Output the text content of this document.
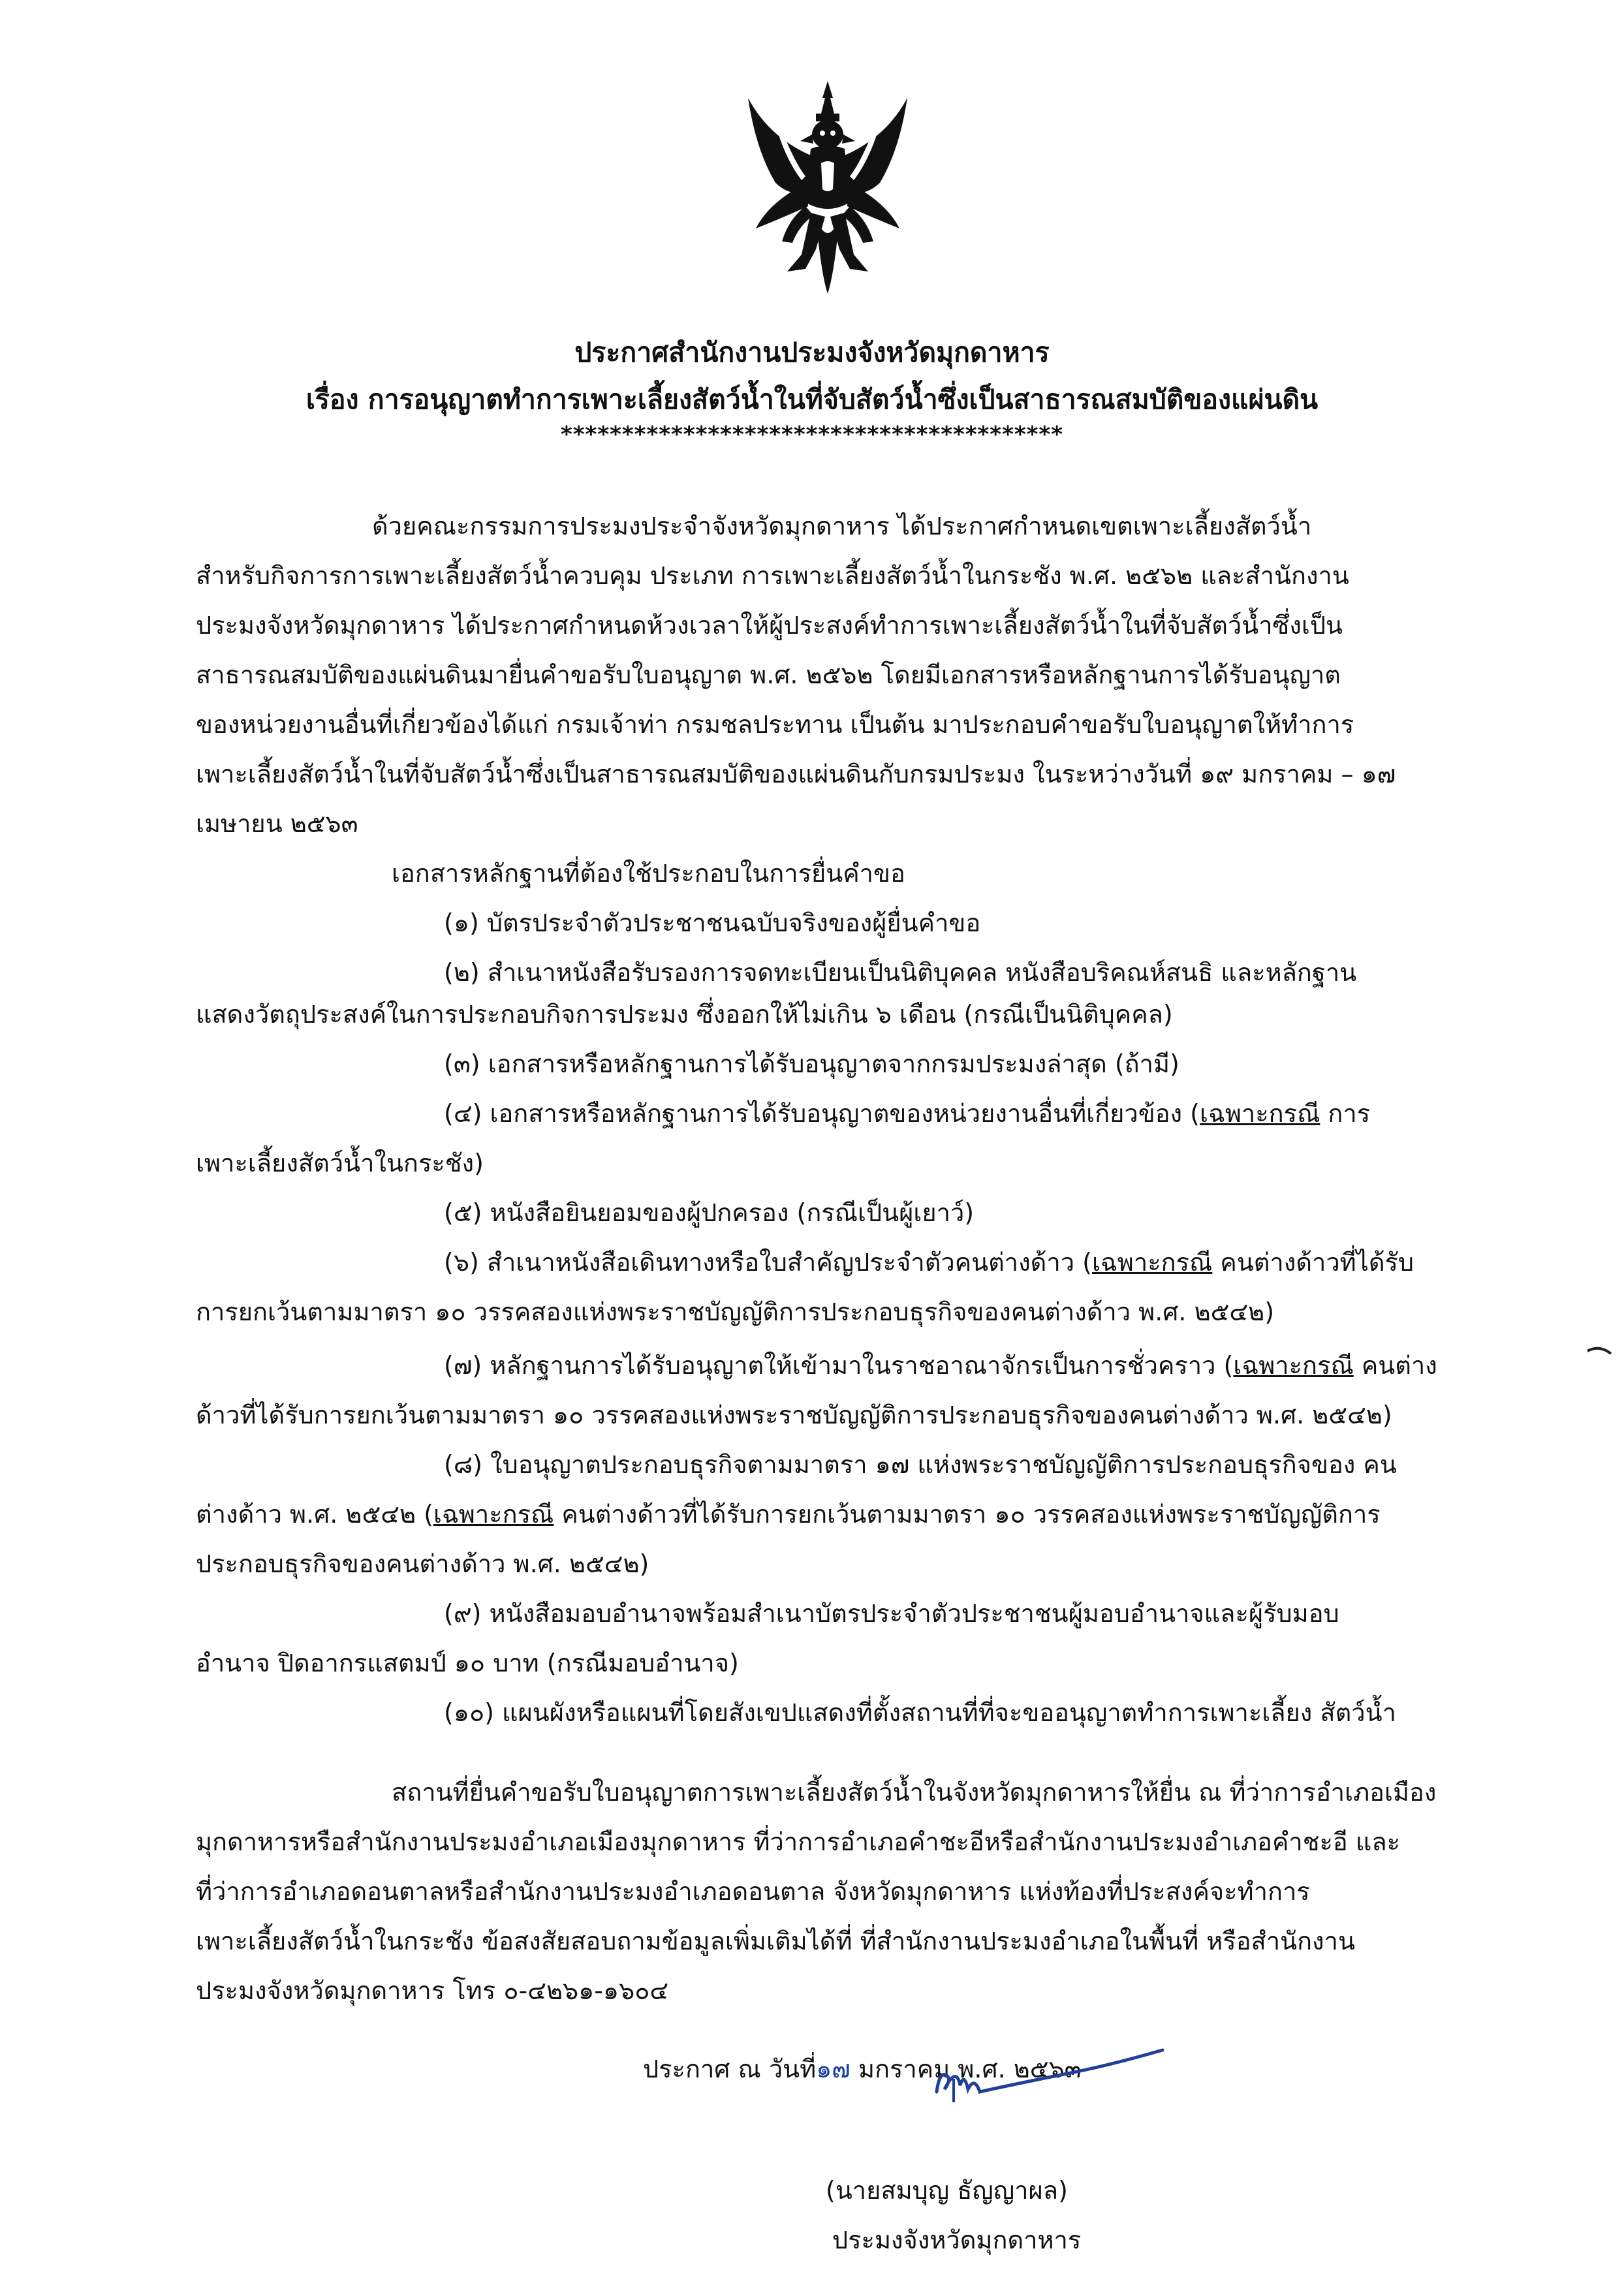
ประกาศสำนักงานประมงจังหวัดมุกดาหาร
เรื่อง การอนุญาตทำการเพาะเลี้ยงสัตว์น้ำในที่จับสัตว์น้ำซึ่งเป็นสาธารณสมบัติของแผ่นดิน
*****************************************
ด้วยคณะกรรมการประมงประจำจังหวัดมุกดาหาร ได้ประกาศกำหนดเขตเพาะเลี้ยงสัตว์น้ำ
สำหรับกิจการการเพาะเลี้ยงสัตว์น้ำควบคุม ประเภท การเพาะเลี้ยงสัตว์น้ำในกระชัง พ.ศ. ๒๕๖๒ และสำนักงาน
ประมงจังหวัดมุกดาหาร ได้ประกาศกำหนดห้วงเวลาให้ผู้ประสงค์ทำการเพาะเลี้ยงสัตว์น้ำในที่จับสัตว์น้ำซึ่งเป็น
สาธารณสมบัติของแผ่นดินมายื่นคำขอรับใบอนุญาต พ.ศ. ๒๕๖๒ โดยมีเอกสารหรือหลักฐานการได้รับอนุญาต
ของหน่วยงานอื่นที่เกี่ยวข้องได้แก่ กรมเจ้าท่า กรมชลประทาน เป็นต้น มาประกอบคำขอรับใบอนุญาตให้ทำการ
เพาะเลี้ยงสัตว์น้ำในที่จับสัตว์น้ำซึ่งเป็นสาธารณสมบัติของแผ่นดินกับกรมประมง ในระหว่างวันที่ ๑๙ มกราคม – ๑๗
เมษายน ๒๕๖๓
เอกสารหลักฐานที่ต้องใช้ประกอบในการยื่นคำขอ
(๑) บัตรประจำตัวประชาชนฉบับจริงของผู้ยื่นคำขอ
(๒) สำเนาหนังสือรับรองการจดทะเบียนเป็นนิติบุคคล หนังสือบริคณห์สนธิ และหลักฐาน
แสดงวัตถุประสงค์ในการประกอบกิจการประมง ซึ่งออกให้ไม่เกิน ๖ เดือน (กรณีเป็นนิติบุคคล)
(๓) เอกสารหรือหลักฐานการได้รับอนุญาตจากกรมประมงล่าสุด (ถ้ามี)
(๔) เอกสารหรือหลักฐานการได้รับอนุญาตของหน่วยงานอื่นที่เกี่ยวข้อง (เฉพาะกรณี การ
เพาะเลี้ยงสัตว์น้ำในกระชัง)
(๕) หนังสือยินยอมของผู้ปกครอง (กรณีเป็นผู้เยาว์)
(๖) สำเนาหนังสือเดินทางหรือใบสำคัญประจำตัวคนต่างด้าว (เฉพาะกรณี คนต่างด้าวที่ได้รับ
การยกเว้นตามมาตรา ๑๐ วรรคสองแห่งพระราชบัญญัติการประกอบธุรกิจของคนต่างด้าว พ.ศ. ๒๕๔๒)
(๗) หลักฐานการได้รับอนุญาตให้เข้ามาในราชอาณาจักรเป็นการชั่วคราว (เฉพาะกรณี คนต่าง
ด้าวที่ได้รับการยกเว้นตามมาตรา ๑๐ วรรคสองแห่งพระราชบัญญัติการประกอบธุรกิจของคนต่างด้าว พ.ศ. ๒๕๔๒)
(๘) ใบอนุญาตประกอบธุรกิจตามมาตรา ๑๗ แห่งพระราชบัญญัติการประกอบธุรกิจของ คน
ต่างด้าว พ.ศ. ๒๕๔๒ (เฉพาะกรณี คนต่างด้าวที่ได้รับการยกเว้นตามมาตรา ๑๐ วรรคสองแห่งพระราชบัญญัติการ
ประกอบธุรกิจของคนต่างด้าว พ.ศ. ๒๕๔๒)
(๙) หนังสือมอบอำนาจพร้อมสำเนาบัตรประจำตัวประชาชนผู้มอบอำนาจและผู้รับมอบ
อำนาจ ปิดอากรแสตมป์ ๑๐ บาท (กรณีมอบอำนาจ)
(๑๐) แผนผังหรือแผนที่โดยสังเขปแสดงที่ตั้งสถานที่ที่จะขออนุญาตทำการเพาะเลี้ยง สัตว์น้ำ
สถานที่ยื่นคำขอรับใบอนุญาตการเพาะเลี้ยงสัตว์น้ำในจังหวัดมุกดาหารให้ยื่น ณ ที่ว่าการอำเภอเมือง
มุกดาหารหรือสำนักงานประมงอำเภอเมืองมุกดาหาร ที่ว่าการอำเภอคำชะอีหรือสำนักงานประมงอำเภอคำชะอี และ
ที่ว่าการอำเภอดอนตาลหรือสำนักงานประมงอำเภอดอนตาล จังหวัดมุกดาหาร แห่งท้องที่ประสงค์จะทำการ
เพาะเลี้ยงสัตว์น้ำในกระชัง ข้อสงสัยสอบถามข้อมูลเพิ่มเติมได้ที่ ที่สำนักงานประมงอำเภอในพื้นที่ หรือสำนักงาน
ประมงจังหวัดมุกดาหาร โทร ๐-๔๒๖๑-๑๖๐๔
ประกาศ ณ วันที่๑๗ มกราคม พ.ศ. ๒๕๖๓
(นายสมบุญ ธัญญาผล)
ประมงจังหวัดมุกดาหาร
